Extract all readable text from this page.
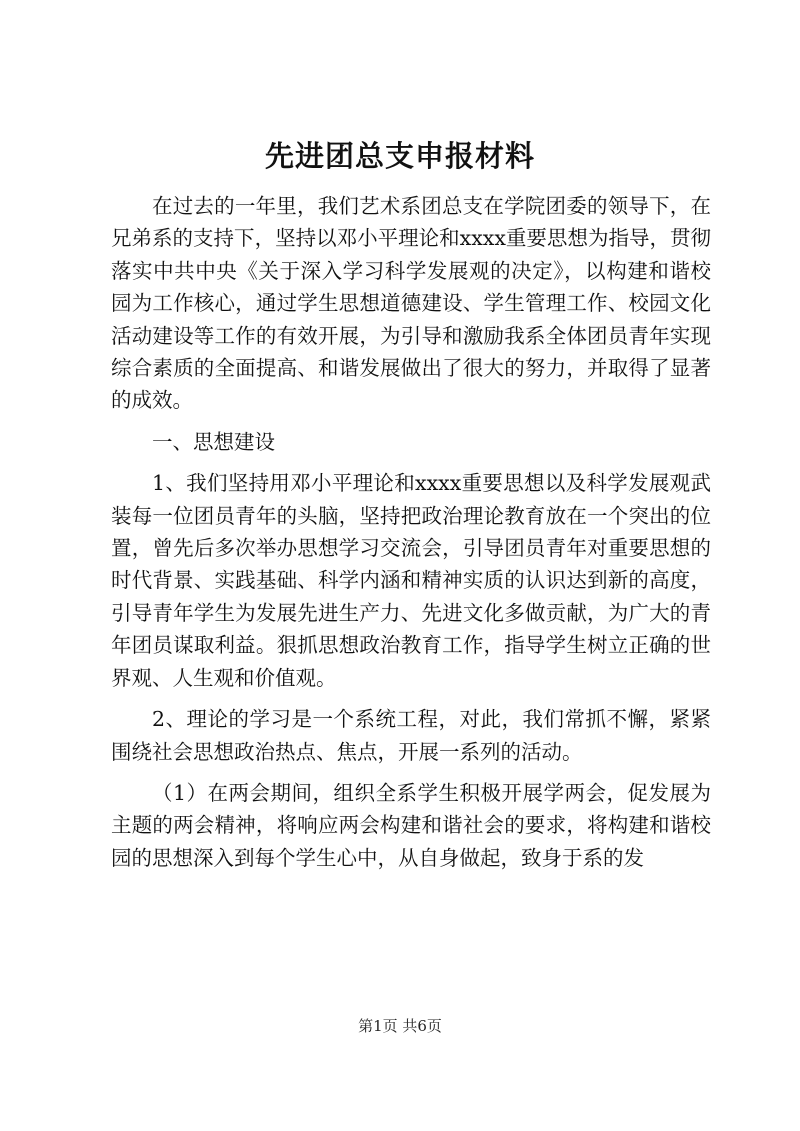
先进团总支申报材料

在过去的一年里，我们艺术系团总支在学院团委的领导下，在兄弟系的支持下，坚持以邓小平理论和xxxx重要思想为指导，贯彻落实中共中央《关于深入学习科学发展观的决定》，以构建和谐校园为工作核心，通过学生思想道德建设、学生管理工作、校园文化活动建设等工作的有效开展，为引导和激励我系全体团员青年实现综合素质的全面提高、和谐发展做出了很大的努力，并取得了显著的成效。

一、思想建设

1、我们坚持用邓小平理论和xxxx重要思想以及科学发展观武装每一位团员青年的头脑，坚持把政治理论教育放在一个突出的位置，曾先后多次举办思想学习交流会，引导团员青年对重要思想的时代背景、实践基础、科学内涵和精神实质的认识达到新的高度，引导青年学生为发展先进生产力、先进文化多做贡献，为广大的青年团员谋取利益。狠抓思想政治教育工作，指导学生树立正确的世界观、人生观和价值观。

2、理论的学习是一个系统工程，对此，我们常抓不懈，紧紧围绕社会思想政治热点、焦点，开展一系列的活动。

（1）在两会期间，组织全系学生积极开展学两会，促发展为主题的两会精神，将响应两会构建和谐社会的要求，将构建和谐校园的思想深入到每个学生心中，从自身做起，致身于系的发

第1页 共6页
